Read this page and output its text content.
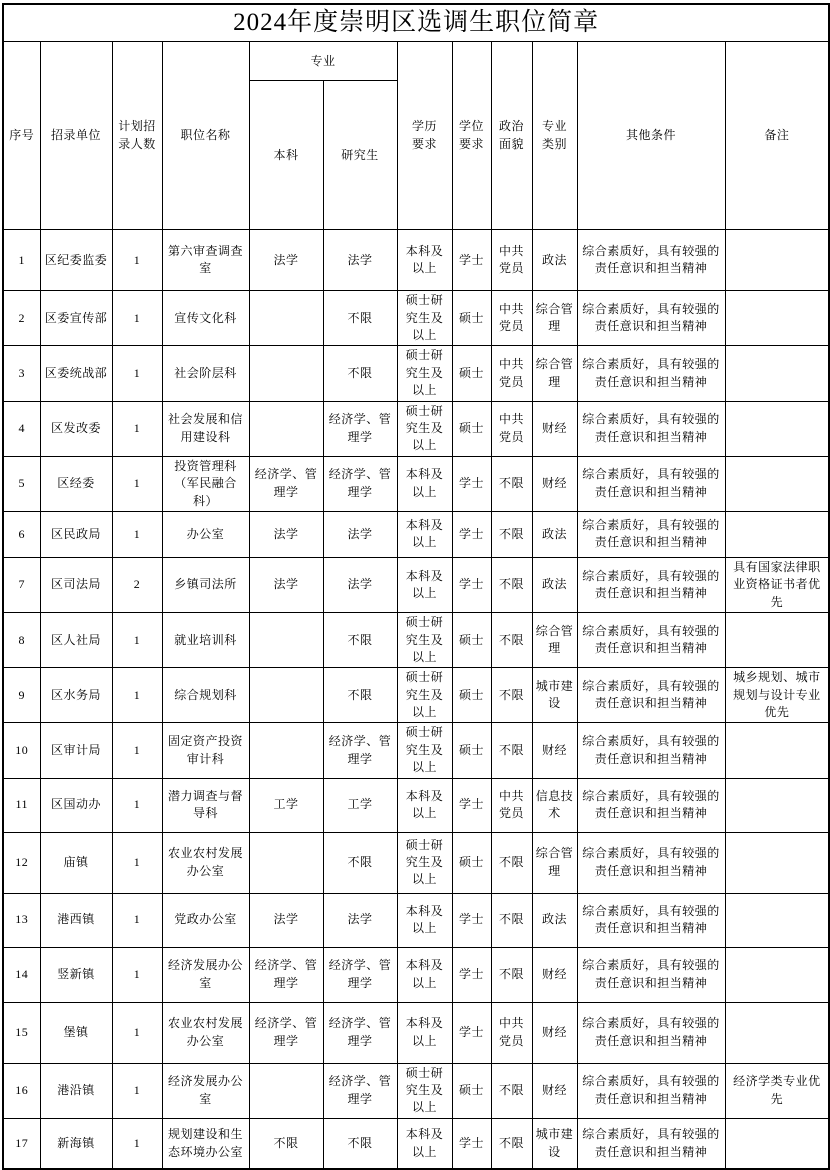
2024年度崇明区选调生职位简章											
序号	招录单位	计划招录人数	职位名称	专业		学历要求	学位要求	政治面貌	专业类别	其他条件	备注
				本科	研究生						
1	区纪委监委	1	第六审查调查室	法学	法学	本科及以上	学士	中共党员	政法	综合素质好，具有较强的责任意识和担当精神	
2	区委宣传部	1	宣传文化科		不限	硕士研究生及以上	硕士	中共党员	综合管理	综合素质好，具有较强的责任意识和担当精神	
3	区委统战部	1	社会阶层科		不限	硕士研究生及以上	硕士	中共党员	综合管理	综合素质好，具有较强的责任意识和担当精神	
4	区发改委	1	社会发展和信用建设科		经济学、管理学	硕士研究生及以上	硕士	中共党员	财经	综合素质好，具有较强的责任意识和担当精神	
5	区经委	1	投资管理科（军民融合科）	经济学、管理学	经济学、管理学	本科及以上	学士	不限	财经	综合素质好，具有较强的责任意识和担当精神	
6	区民政局	1	办公室	法学	法学	本科及以上	学士	不限	政法	综合素质好，具有较强的责任意识和担当精神	
7	区司法局	2	乡镇司法所	法学	法学	本科及以上	学士	不限	政法	综合素质好，具有较强的责任意识和担当精神	具有国家法律职业资格证书者优先
8	区人社局	1	就业培训科		不限	硕士研究生及以上	硕士	不限	综合管理	综合素质好，具有较强的责任意识和担当精神	
9	区水务局	1	综合规划科		不限	硕士研究生及以上	硕士	不限	城市建设	综合素质好，具有较强的责任意识和担当精神	城乡规划、城市规划与设计专业优先
10	区审计局	1	固定资产投资审计科		经济学、管理学	硕士研究生及以上	硕士	不限	财经	综合素质好，具有较强的责任意识和担当精神	
11	区国动办	1	潜力调查与督导科	工学	工学	本科及以上	学士	中共党员	信息技术	综合素质好，具有较强的责任意识和担当精神	
12	庙镇	1	农业农村发展办公室		不限	硕士研究生及以上	硕士	不限	综合管理	综合素质好，具有较强的责任意识和担当精神	
13	港西镇	1	党政办公室	法学	法学	本科及以上	学士	不限	政法	综合素质好，具有较强的责任意识和担当精神	
14	竖新镇	1	经济发展办公室	经济学、管理学	经济学、管理学	本科及以上	学士	不限	财经	综合素质好，具有较强的责任意识和担当精神	
15	堡镇	1	农业农村发展办公室	经济学、管理学	经济学、管理学	本科及以上	学士	中共党员	财经	综合素质好，具有较强的责任意识和担当精神	
16	港沿镇	1	经济发展办公室		经济学、管理学	硕士研究生及以上	硕士	不限	财经	综合素质好，具有较强的责任意识和担当精神	经济学类专业优先
17	新海镇	1	规划建设和生态环境办公室	不限	不限	本科及以上	学士	不限	城市建设	综合素质好，具有较强的责任意识和担当精神	
